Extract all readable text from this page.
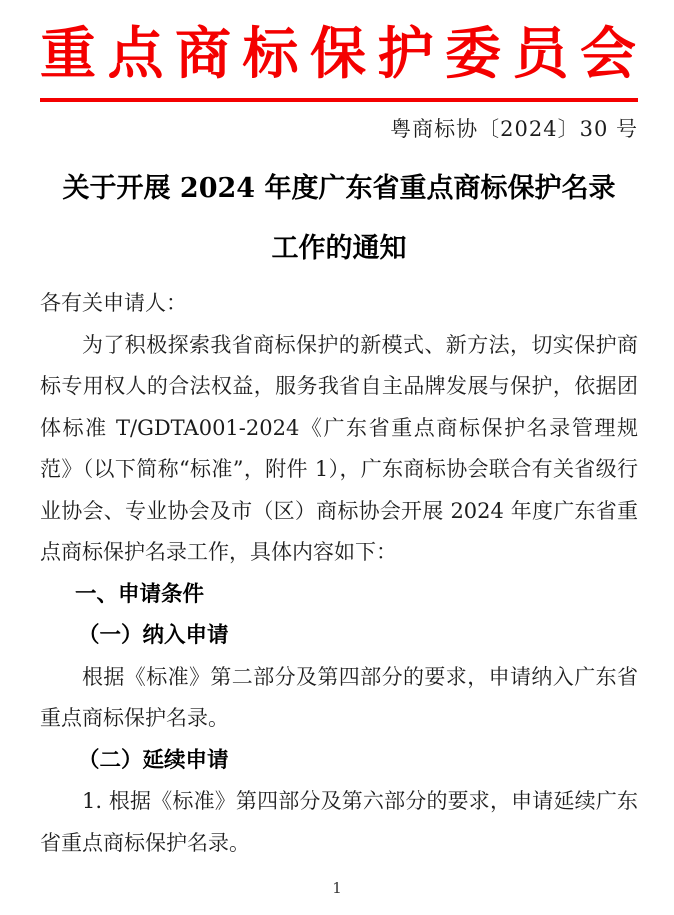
重点商标保护委员会
粤商标协〔2024〕30 号
关于开展 2024 年度广东省重点商标保护名录
工作的通知

各有关申请人：

为了积极探索我省商标保护的新模式、新方法，切实保护商标专用权人的合法权益，服务我省自主品牌发展与保护，依据团体标准 T/GDTA001-2024《广东省重点商标保护名录管理规范》（以下简称“标准”，附件 1），广东商标协会联合有关省级行业协会、专业协会及市（区）商标协会开展 2024 年度广东省重点商标保护名录工作，具体内容如下：

一、申请条件
（一）纳入申请

根据《标准》第二部分及第四部分的要求，申请纳入广东省重点商标保护名录。

（二）延续申请

1. 根据《标准》第四部分及第六部分的要求，申请延续广东省重点商标保护名录。

1
